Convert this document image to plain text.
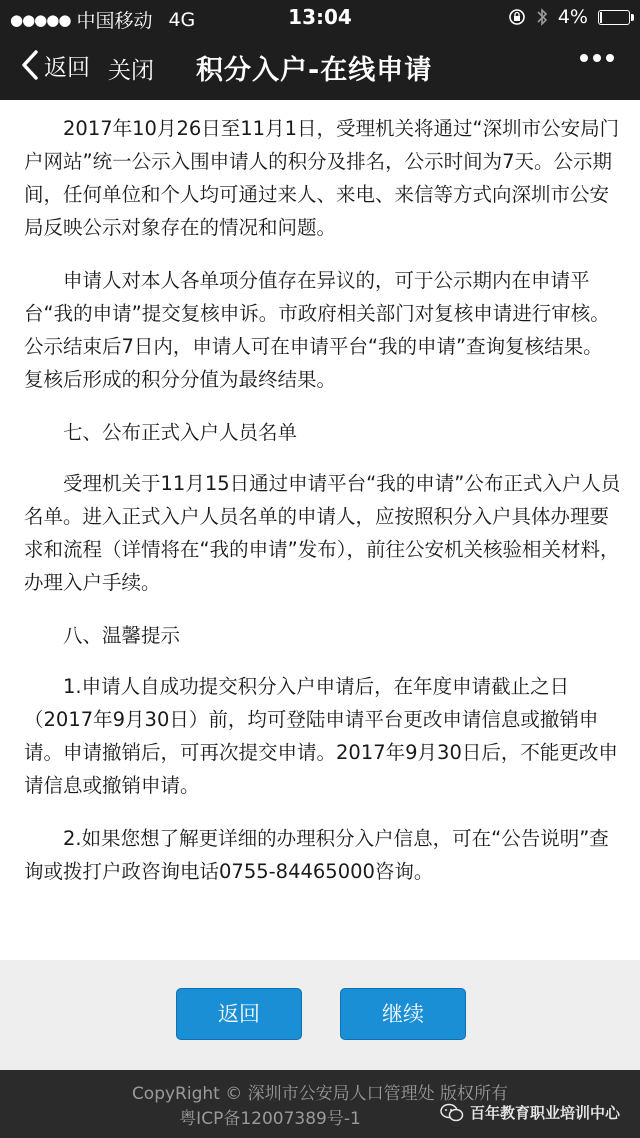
●●●●● 中国移动 4G	13:04	4%
返回 关闭 积分入户-在线申请

2017年10月26日至11月1日，受理机关将通过“深圳市公安局门户网站”统一公示入围申请人的积分及排名，公示时间为7天。公示期间，任何单位和个人均可通过来人、来电、来信等方式向深圳市公安局反映公示对象存在的情况和问题。

申请人对本人各单项分值存在异议的，可于公示期内在申请平台“我的申请”提交复核申诉。市政府相关部门对复核申请进行审核。公示结束后7日内，申请人可在申请平台“我的申请”查询复核结果。复核后形成的积分分值为最终结果。

七、公布正式入户人员名单

受理机关于11月15日通过申请平台“我的申请”公布正式入户人员名单。进入正式入户人员名单的申请人，应按照积分入户具体办理要求和流程（详情将在“我的申请”发布），前往公安机关核验相关材料，办理入户手续。

八、温馨提示

1.申请人自成功提交积分入户申请后，在年度申请截止之日（2017年9月30日）前，均可登陆申请平台更改申请信息或撤销申请。申请撤销后，可再次提交申请。2017年9月30日后，不能更改申请信息或撤销申请。

2.如果您想了解更详细的办理积分入户信息，可在“公告说明”查询或拨打户政咨询电话0755-84465000咨询。

返回	继续
CopyRight © 深圳市公安局人口管理处 版权所有
粤ICP备12007389号-1	百年教育职业培训中心
